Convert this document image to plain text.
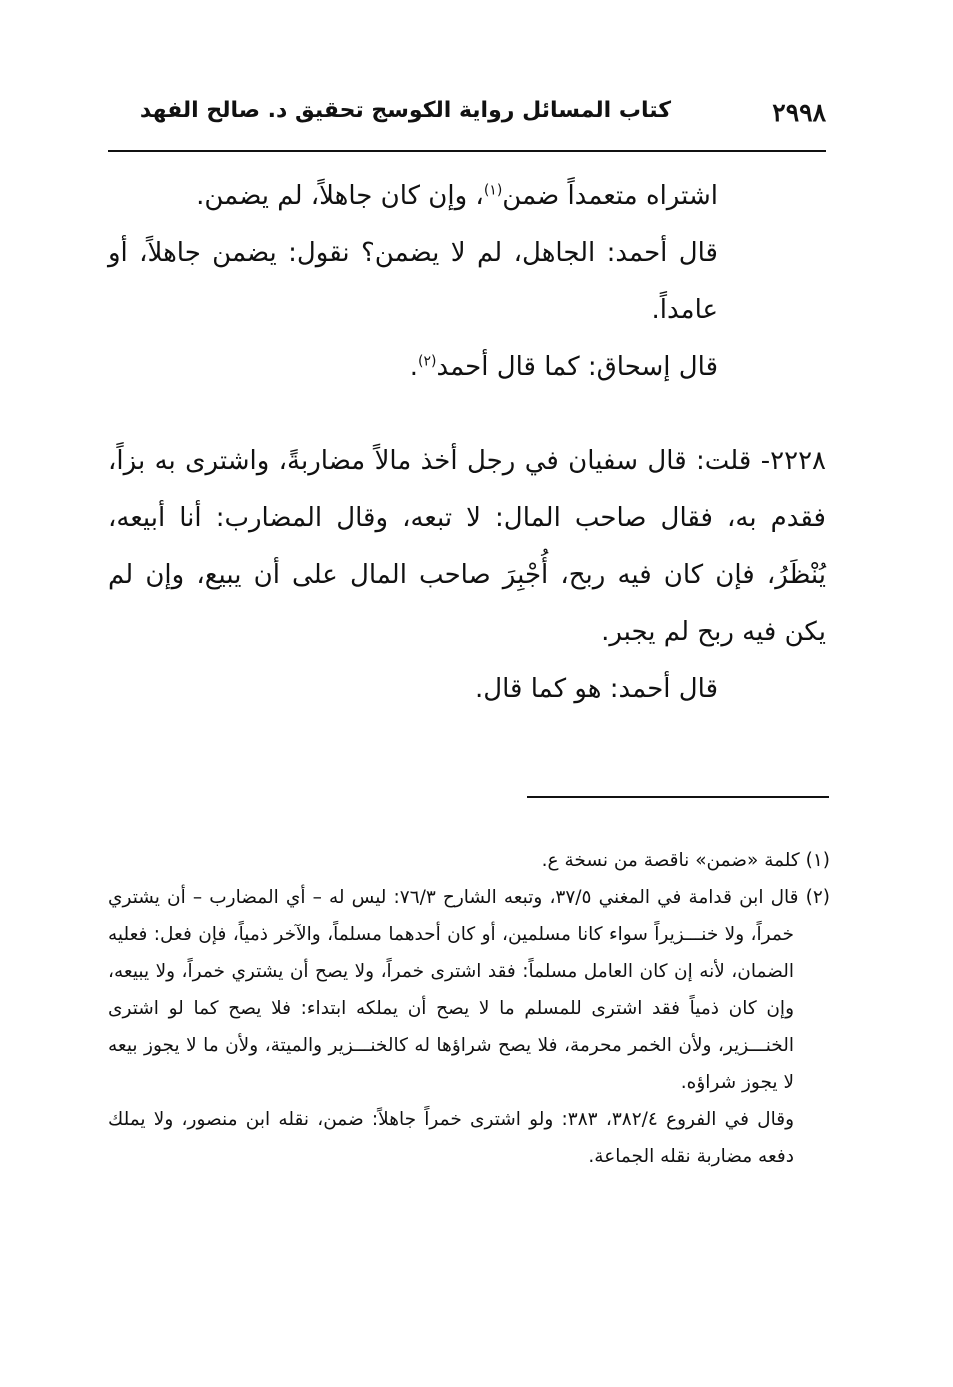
٢٩٩٨
كتاب المسائل رواية الكوسج تحقيق د. صالح الفهد

اشتراه متعمداً ضمن$^{(١)}$، وإن كان جاهلاً، لم يضمن.

قال أحمد: الجاهل، لم لا يضمن؟ نقول: يضمن جاهلاً، أو عامداً.

قال إسحاق: كما قال أحمد$^{(٢)}$.

٢٢٢٨- قلت: قال سفيان في رجل أخذ مالاً مضاربةً، واشترى به بزاً، فقدم به، فقال صاحب المال: لا تبعه، وقال المضارب: أنا أبيعه، يُنْظَرُ، فإن كان فيه ربح، أُجْبِرَ صاحب المال على أن يبيع، وإن لم يكن فيه ربح لم يجبر.

قال أحمد: هو كما قال.

(١) كلمة «ضمن» ناقصة من نسخة ع.

(٢) قال ابن قدامة في المغني ٣٧/٥، وتبعه الشارح ٧٦/٣: ليس له – أي المضارب – أن يشتري خمراً، ولا خنـــزيراً سواء كانا مسلمين، أو كان أحدهما مسلماً، والآخر ذمياً، فإن فعل: فعليه الضمان، لأنه إن كان العامل مسلماً: فقد اشترى خمراً، ولا يصح أن يشتري خمراً، ولا يبيعه، وإن كان ذمياً فقد اشترى للمسلم ما لا يصح أن يملكه ابتداء: فلا يصح كما لو اشترى الخنـــزير، ولأن الخمر محرمة، فلا يصح شراؤها له كالخنـــزير والميتة، ولأن ما لا يجوز بيعه لا يجوز شراؤه.

وقال في الفروع ٣٨٢/٤، ٣٨٣: ولو اشترى خمراً جاهلاً: ضمن، نقله ابن منصور، ولا يملك دفعه مضاربة نقله الجماعة.
